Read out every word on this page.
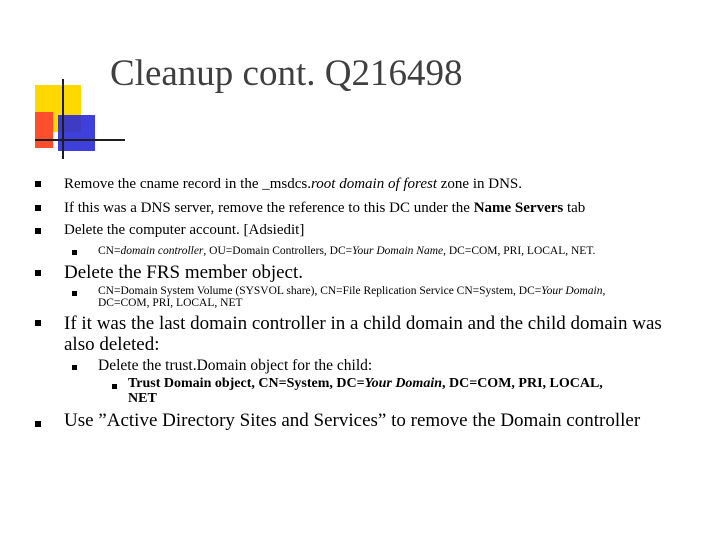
Cleanup cont. Q216498
Remove the cname record in the _msdcs.root domain of forest zone in DNS.
If this was a DNS server, remove the reference to this DC under the Name Servers tab
Delete the computer account. [Adsiedit]
CN=domain controller, OU=Domain Controllers, DC=Your Domain Name, DC=COM, PRI, LOCAL, NET.
Delete the FRS member object.
CN=Domain System Volume (SYSVOL share), CN=File Replication Service CN=System, DC=Your Domain,
DC=COM, PRI, LOCAL, NET
If it was the last domain controller in a child domain and the child domain was
also deleted:
Delete the trust.Domain object for the child:
Trust Domain object, CN=System, DC=Your Domain, DC=COM, PRI, LOCAL,
NET
Use ”Active Directory Sites and Services” to remove the Domain controller
